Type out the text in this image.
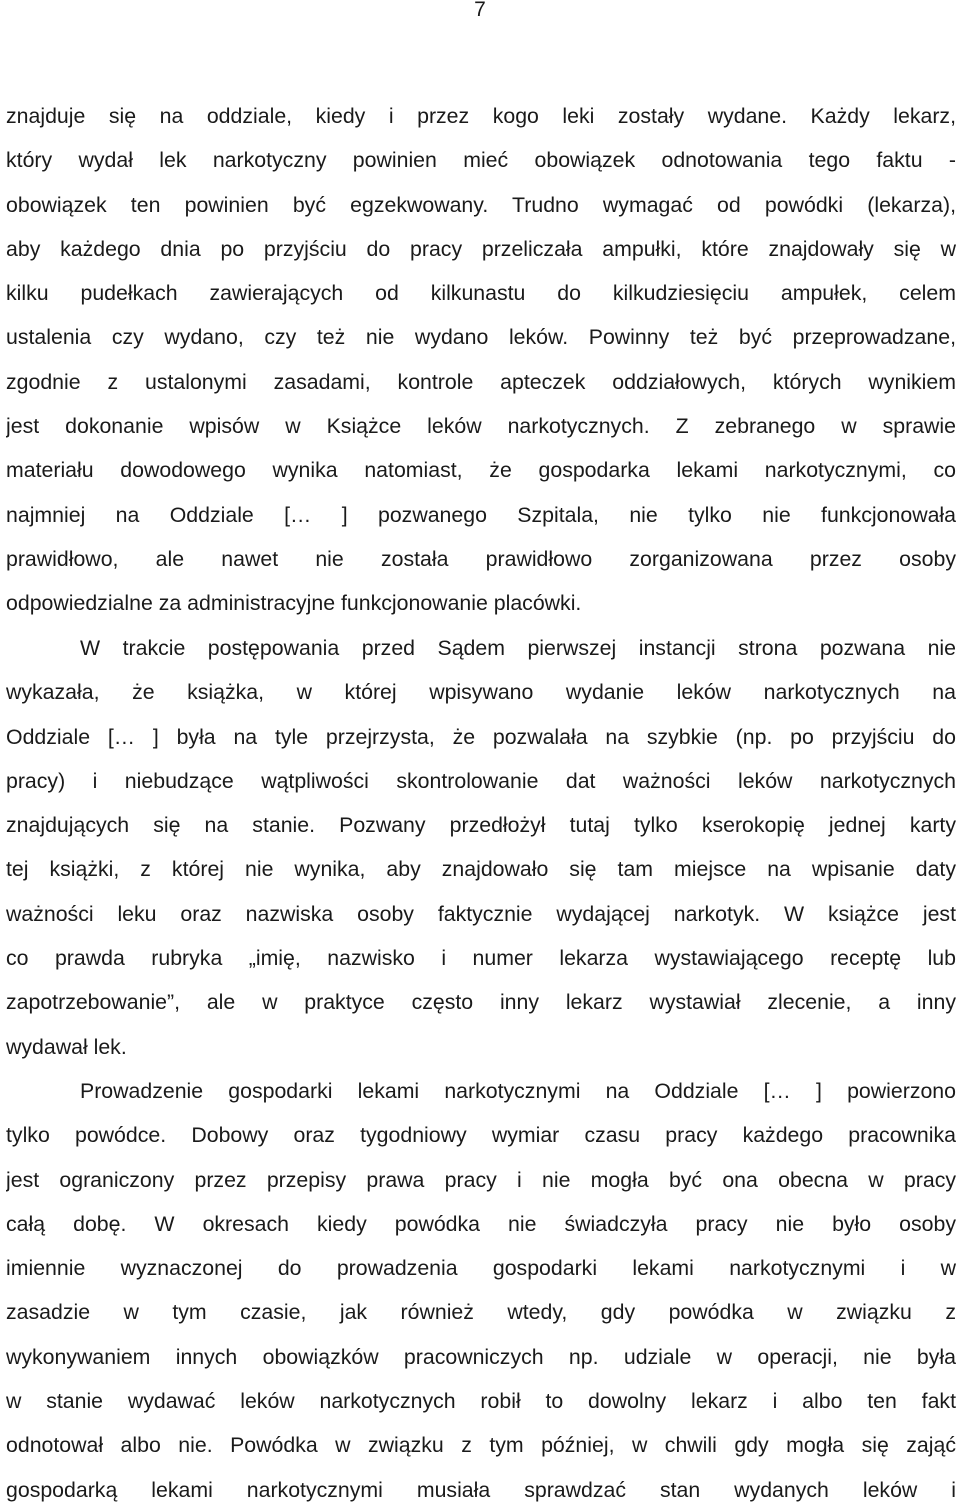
7
znajduje się na oddziale, kiedy i przez kogo leki zostały wydane. Każdy lekarz,
który wydał lek narkotyczny powinien mieć obowiązek odnotowania tego faktu -
obowiązek ten powinien być egzekwowany. Trudno wymagać od powódki (lekarza),
aby każdego dnia po przyjściu do pracy przeliczała ampułki, które znajdowały się w
kilku pudełkach zawierających od kilkunastu do kilkudziesięciu ampułek, celem
ustalenia czy wydano, czy też nie wydano leków. Powinny też być przeprowadzane,
zgodnie z ustalonymi zasadami, kontrole apteczek oddziałowych, których wynikiem
jest dokonanie wpisów w Książce leków narkotycznych. Z zebranego w sprawie
materiału dowodowego wynika natomiast, że gospodarka lekami narkotycznymi, co
najmniej na Oddziale [… ] pozwanego Szpitala, nie tylko nie funkcjonowała
prawidłowo, ale nawet nie została prawidłowo zorganizowana przez osoby
odpowiedzialne za administracyjne funkcjonowanie placówki.
W trakcie postępowania przed Sądem pierwszej instancji strona pozwana nie
wykazała, że książka, w której wpisywano wydanie leków narkotycznych na
Oddziale [… ] była na tyle przejrzysta, że pozwalała na szybkie (np. po przyjściu do
pracy) i niebudzące wątpliwości skontrolowanie dat ważności leków narkotycznych
znajdujących się na stanie. Pozwany przedłożył tutaj tylko kserokopię jednej karty
tej książki, z której nie wynika, aby znajdowało się tam miejsce na wpisanie daty
ważności leku oraz nazwiska osoby faktycznie wydającej narkotyk. W książce jest
co prawda rubryka „imię, nazwisko i numer lekarza wystawiającego receptę lub
zapotrzebowanie”, ale w praktyce często inny lekarz wystawiał zlecenie, a inny
wydawał lek.
Prowadzenie gospodarki lekami narkotycznymi na Oddziale [… ] powierzono
tylko powódce. Dobowy oraz tygodniowy wymiar czasu pracy każdego pracownika
jest ograniczony przez przepisy prawa pracy i nie mogła być ona obecna w pracy
całą dobę. W okresach kiedy powódka nie świadczyła pracy nie było osoby
imiennie wyznaczonej do prowadzenia gospodarki lekami narkotycznymi i w
zasadzie w tym czasie, jak również wtedy, gdy powódka w związku z
wykonywaniem innych obowiązków pracowniczych np. udziale w operacji, nie była
w stanie wydawać leków narkotycznych robił to dowolny lekarz i albo ten fakt
odnotował albo nie. Powódka w związku z tym później, w chwili gdy mogła się zająć
gospodarką lekami narkotycznymi musiała sprawdzać stan wydanych leków i
